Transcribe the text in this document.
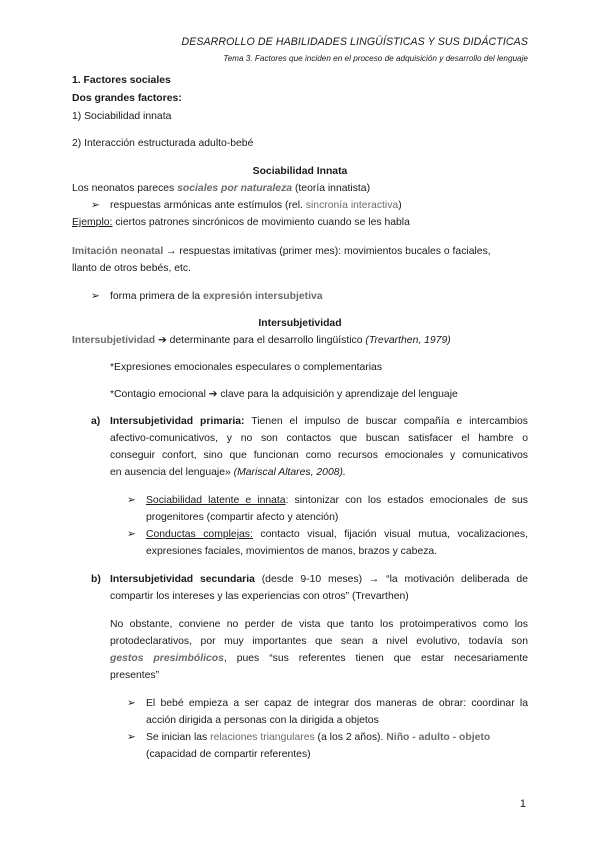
DESARROLLO DE HABILIDADES LINGÜÍSTICAS Y SUS DIDÁCTICAS
Tema 3. Factores que inciden en el proceso de adquisición y desarrollo del lenguaje
1. Factores sociales
Dos grandes factores:
1) Sociabilidad innata
2) Interacción estructurada adulto-bebé
Sociabilidad Innata
Los neonatos pareces sociales por naturaleza (teoría innatista)
➢ respuestas armónicas ante estímulos (rel. sincronía interactiva)
Ejemplo: ciertos patrones sincrónicos de movimiento cuando se les habla
Imitación neonatal → respuestas imitativas (primer mes): movimientos bucales o faciales,
llanto de otros bebés, etc.
➢ forma primera de la expresión intersubjetiva
Intersubjetividad
Intersubjetividad ➔ determinante para el desarrollo lingüístico (Trevarthen, 1979)
*Expresiones emocionales especulares o complementarias
*Contagio emocional ➔ clave para la adquisición y aprendizaje del lenguaje
a) Intersubjetividad primaria: Tienen el impulso de buscar compañía e intercambios
afectivo-comunicativos, y no son contactos que buscan satisfacer el hambre o
conseguir confort, sino que funcionan como recursos emocionales y comunicativos
en ausencia del lenguaje» (Mariscal Altares, 2008).
➢ Sociabilidad latente e innata: sintonizar con los estados emocionales de sus
progenitores (compartir afecto y atención)
➢ Conductas complejas: contacto visual, fijación visual mutua, vocalizaciones,
expresiones faciales, movimientos de manos, brazos y cabeza.
b) Intersubjetividad secundaria (desde 9-10 meses) → “la motivación deliberada de
compartir los intereses y las experiencias con otros” (Trevarthen)
No obstante, conviene no perder de vista que tanto los protoimperativos como los
protodeclarativos, por muy importantes que sean a nivel evolutivo, todavía son
gestos presimbólicos, pues “sus referentes tienen que estar necesariamente
presentes”
➢ El bebé empieza a ser capaz de integrar dos maneras de obrar: coordinar la
acción dirigida a personas con la dirigida a objetos
➢ Se inician las relaciones triangulares (a los 2 años). Niño - adulto - objeto
(capacidad de compartir referentes)
1
